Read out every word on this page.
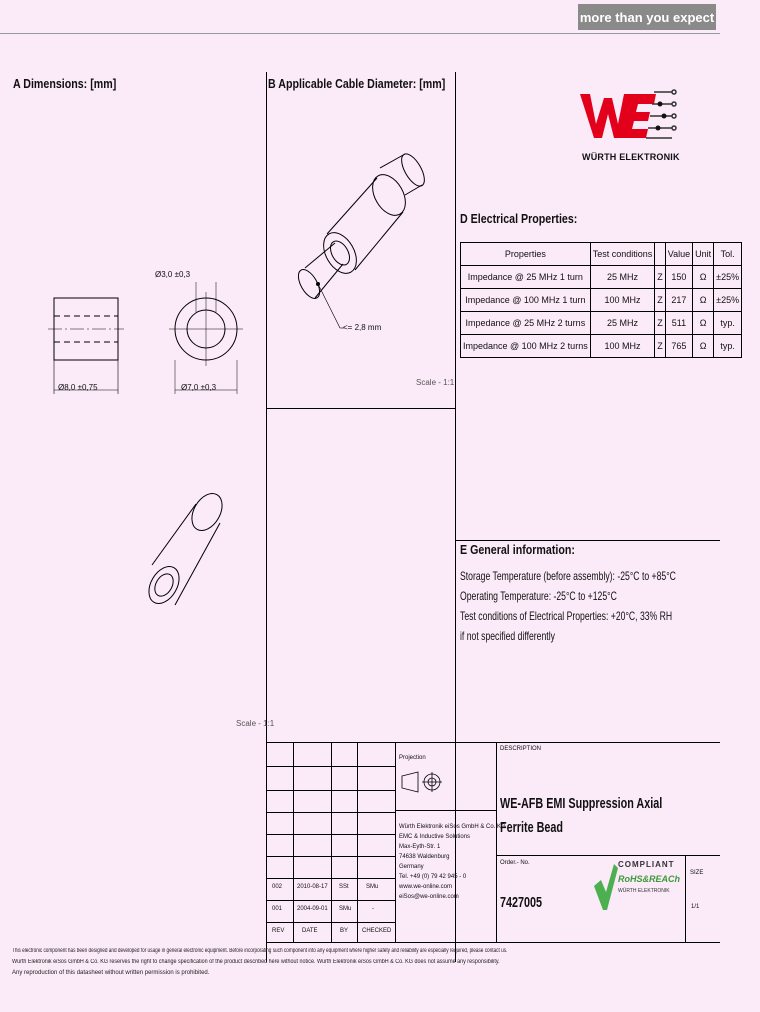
more than you expect
A Dimensions: [mm]	B Applicable Cable Diameter: [mm]
D Electrical Properties:
E General information:
Ø3,0 ±0,3
Ø8,0 ±0,75	Ø7,0 ±0,3
<= 2,8 mm
Scale - 1:1
Scale - 1:1
WÜRTH ELEKTRONIK
Properties	Test conditions		Value	Unit	Tol.
Impedance @ 25 MHz 1 turn	25 MHz	Z	150	Ω	±25%
Impedance @ 100 MHz 1 turn	100 MHz	Z	217	Ω	±25%
Impedance @ 25 MHz 2 turns	25 MHz	Z	511	Ω	typ.
Impedance @ 100 MHz 2 turns	100 MHz	Z	765	Ω	typ.
Storage Temperature (before assembly): -25°C to +85°C
Operating Temperature: -25°C to +125°C
Test conditions of Electrical Properties: +20°C, 33% RH
if not specified differently
002 2010-08-17 SSt	SMu
001 2004-09-01 SMu	-
REV	DATE	BY CHECKED
Projection
Würth Elektronik eiSos GmbH & Co. KG
EMC & Inductive Solutions
Max-Eyth-Str. 1
74638 Waldenburg
Germany
Tel. +49 (0) 79 42 945 - 0
www.we-online.com
eiSos@we-online.com
DESCRIPTION
WE-AFB EMI Suppression Axial Ferrite Bead
Order.- No.
7427005
SIZE
1/1
COMPLIANT
RoHS&REACh
WÜRTH ELEKTRONIK
This electronic component has been designed and developed for usage in general electronic equipment. Before incorporating such component into any equipment where higher safety and reliability are especially required, please contact us.
Würth Elektronik eiSos GmbH & Co. KG reserves the right to change specification of the product described here without notice. Würth Elektronik eiSos GmbH & Co. KG does not assume any responsibility.
Any reproduction of this datasheet without written permission is prohibited.
